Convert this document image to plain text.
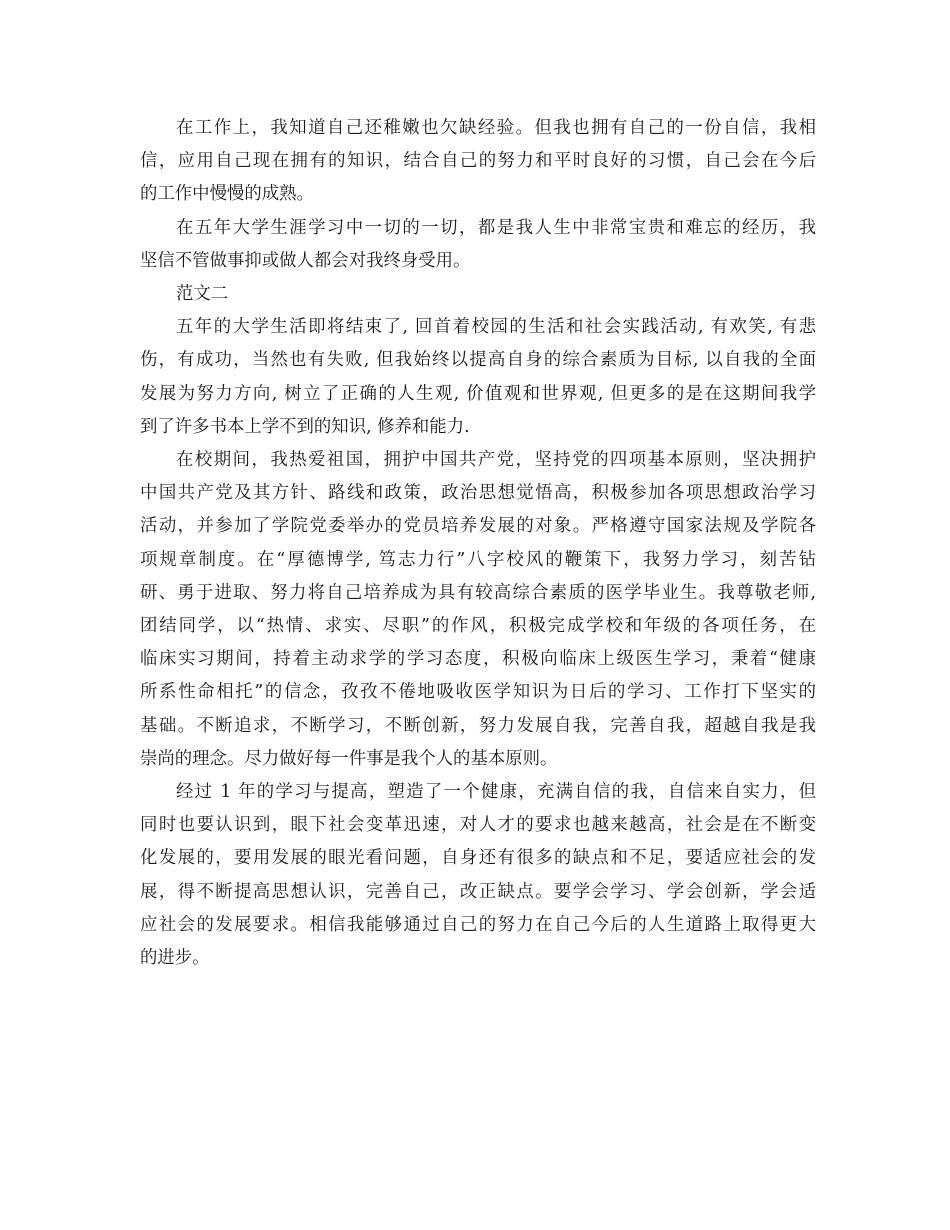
在工作上，我知道自己还稚嫩也欠缺经验。但我也拥有自己的一份自信，我相
信，应用自己现在拥有的知识，结合自己的努力和平时良好的习惯，自己会在今后
的工作中慢慢的成熟。

在五年大学生涯学习中一切的一切，都是我人生中非常宝贵和难忘的经历，我
坚信不管做事抑或做人都会对我终身受用。

范文二

五年的大学生活即将结束了, 回首着校园的生活和社会实践活动, 有欢笑, 有悲
伤，有成功，当然也有失败, 但我始终以提高自身的综合素质为目标, 以自我的全面
发展为努力方向, 树立了正确的人生观, 价值观和世界观, 但更多的是在这期间我学
到了许多书本上学不到的知识, 修养和能力.

在校期间，我热爱祖国，拥护中国共产党，坚持党的四项基本原则，坚决拥护
中国共产党及其方针、路线和政策，政治思想觉悟高，积极参加各项思想政治学习
活动，并参加了学院党委举办的党员培养发展的对象。严格遵守国家法规及学院各
项规章制度。在“厚德博学, 笃志力行”八字校风的鞭策下，我努力学习，刻苦钻
研、勇于进取、努力将自己培养成为具有较高综合素质的医学毕业生。我尊敬老师,
团结同学，以“热情、求实、尽职”的作风，积极完成学校和年级的各项任务，在
临床实习期间，持着主动求学的学习态度，积极向临床上级医生学习，秉着“健康
所系性命相托”的信念，孜孜不倦地吸收医学知识为日后的学习、工作打下坚实的
基础。不断追求，不断学习，不断创新，努力发展自我，完善自我，超越自我是我
崇尚的理念。尽力做好每一件事是我个人的基本原则。

经过 1 年的学习与提高，塑造了一个健康，充满自信的我，自信来自实力，但
同时也要认识到，眼下社会变革迅速，对人才的要求也越来越高，社会是在不断变
化发展的，要用发展的眼光看问题，自身还有很多的缺点和不足，要适应社会的发
展，得不断提高思想认识，完善自己，改正缺点。要学会学习、学会创新，学会适
应社会的发展要求。相信我能够通过自己的努力在自己今后的人生道路上取得更大
的进步。
